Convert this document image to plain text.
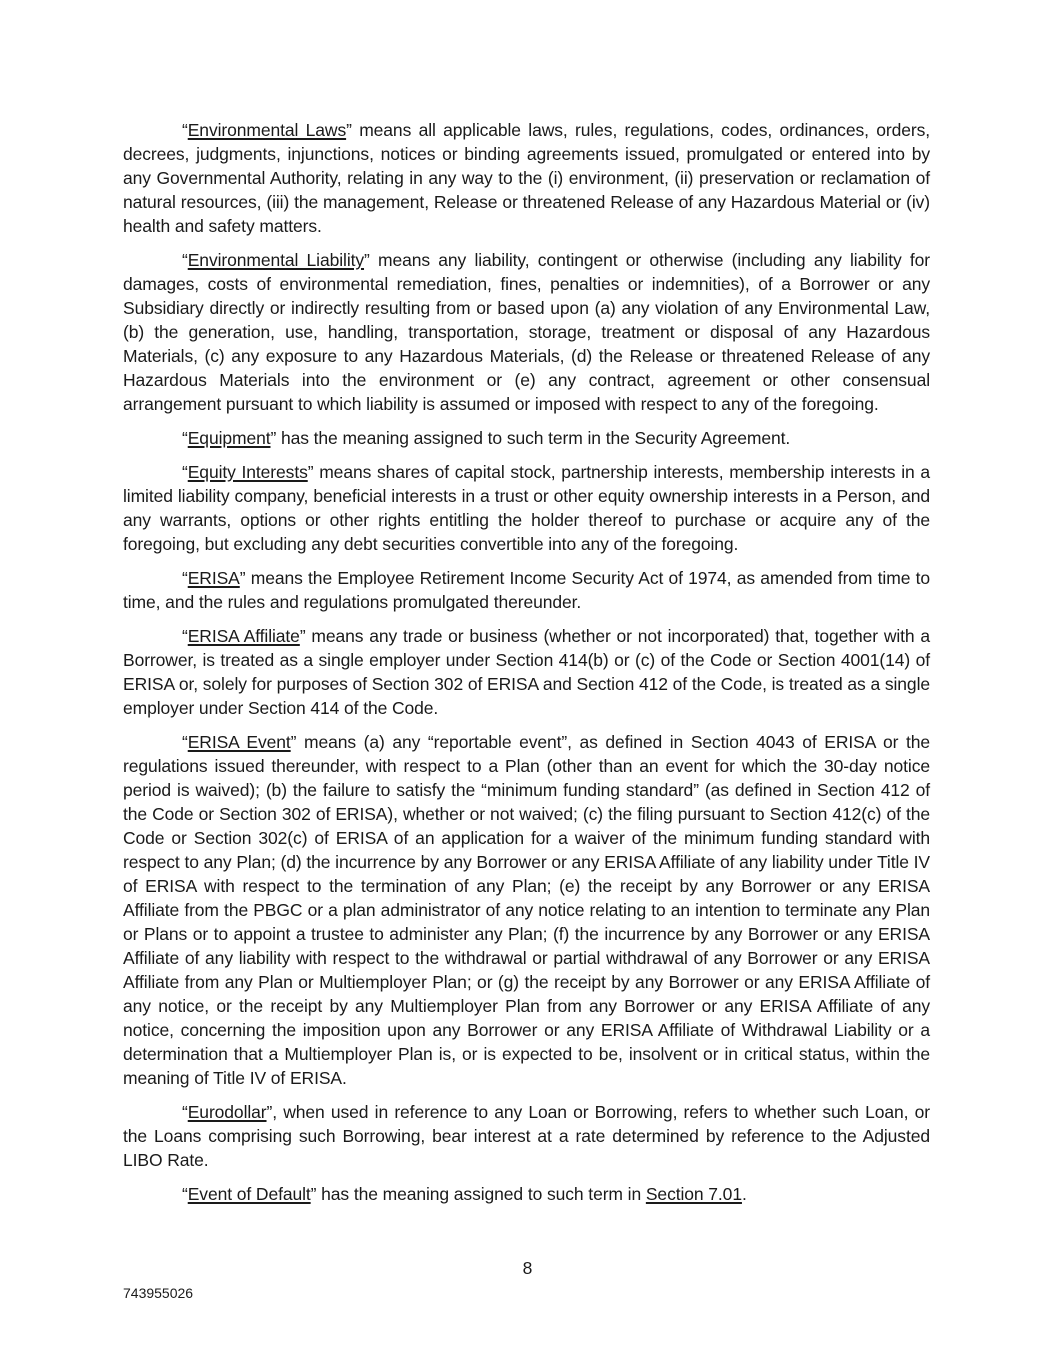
“Environmental Laws” means all applicable laws, rules, regulations, codes, ordinances, orders, decrees, judgments, injunctions, notices or binding agreements issued, promulgated or entered into by any Governmental Authority, relating in any way to the (i) environment, (ii) preservation or reclamation of natural resources, (iii) the management, Release or threatened Release of any Hazardous Material or (iv) health and safety matters.

“Environmental Liability” means any liability, contingent or otherwise (including any liability for damages, costs of environmental remediation, fines, penalties or indemnities), of a Borrower or any Subsidiary directly or indirectly resulting from or based upon (a) any violation of any Environmental Law, (b) the generation, use, handling, transportation, storage, treatment or disposal of any Hazardous Materials, (c) any exposure to any Hazardous Materials, (d) the Release or threatened Release of any Hazardous Materials into the environment or (e) any contract, agreement or other consensual arrangement pursuant to which liability is assumed or imposed with respect to any of the foregoing.

“Equipment” has the meaning assigned to such term in the Security Agreement.

“Equity Interests” means shares of capital stock, partnership interests, membership interests in a limited liability company, beneficial interests in a trust or other equity ownership interests in a Person, and any warrants, options or other rights entitling the holder thereof to purchase or acquire any of the foregoing, but excluding any debt securities convertible into any of the foregoing.

“ERISA” means the Employee Retirement Income Security Act of 1974, as amended from time to time, and the rules and regulations promulgated thereunder.

“ERISA Affiliate” means any trade or business (whether or not incorporated) that, together with a Borrower, is treated as a single employer under Section 414(b) or (c) of the Code or Section 4001(14) of ERISA or, solely for purposes of Section 302 of ERISA and Section 412 of the Code, is treated as a single employer under Section 414 of the Code.

“ERISA Event” means (a) any “reportable event”, as defined in Section 4043 of ERISA or the regulations issued thereunder, with respect to a Plan (other than an event for which the 30-day notice period is waived); (b) the failure to satisfy the “minimum funding standard” (as defined in Section 412 of the Code or Section 302 of ERISA), whether or not waived; (c) the filing pursuant to Section 412(c) of the Code or Section 302(c) of ERISA of an application for a waiver of the minimum funding standard with respect to any Plan; (d) the incurrence by any Borrower or any ERISA Affiliate of any liability under Title IV of ERISA with respect to the termination of any Plan; (e) the receipt by any Borrower or any ERISA Affiliate from the PBGC or a plan administrator of any notice relating to an intention to terminate any Plan or Plans or to appoint a trustee to administer any Plan; (f) the incurrence by any Borrower or any ERISA Affiliate of any liability with respect to the withdrawal or partial withdrawal of any Borrower or any ERISA Affiliate from any Plan or Multiemployer Plan; or (g) the receipt by any Borrower or any ERISA Affiliate of any notice, or the receipt by any Multiemployer Plan from any Borrower or any ERISA Affiliate of any notice, concerning the imposition upon any Borrower or any ERISA Affiliate of Withdrawal Liability or a determination that a Multiemployer Plan is, or is expected to be, insolvent or in critical status, within the meaning of Title IV of ERISA.

“Eurodollar”, when used in reference to any Loan or Borrowing, refers to whether such Loan, or the Loans comprising such Borrowing, bear interest at a rate determined by reference to the Adjusted LIBO Rate.

“Event of Default” has the meaning assigned to such term in Section 7.01.

8
743955026
